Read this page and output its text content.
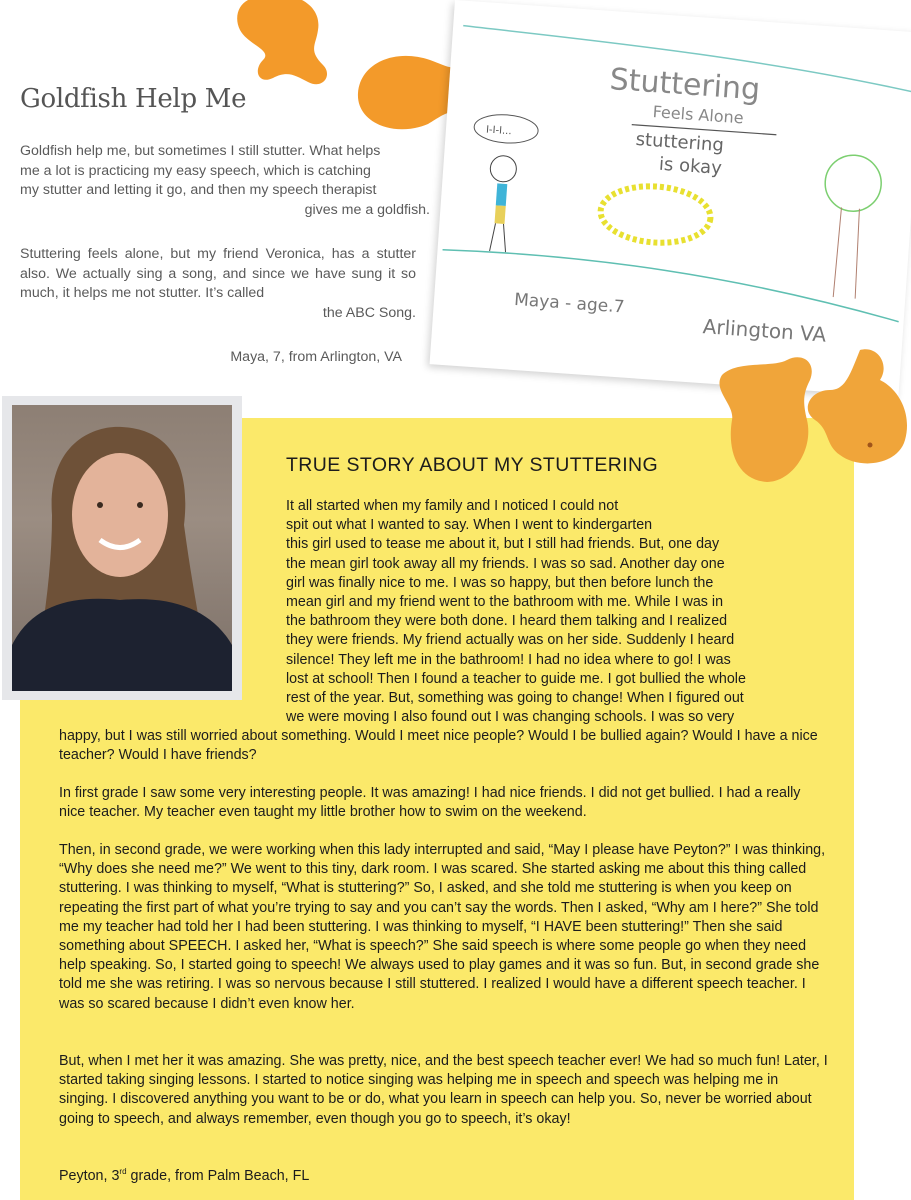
Stuttering
Feels Alone
stuttering
is okay
I-I-I...
Maya - age.7
Arlington VA
Goldfish Help Me

Goldfish help me, but sometimes I still stutter. What helps
me a lot is practicing my easy speech, which is catching
my stutter and letting it go, and then my speech therapist
gives me a goldfish.

Stuttering feels alone, but my friend Veronica, has a stutter also. We actually sing a song, and since we have sung it so much, it helps me not stutter. It’s called
the ABC Song.

Maya, 7, from Arlington, VA
TRUE STORY ABOUT MY STUTTERING

It all started when my family and I noticed I could not
spit out what I wanted to say. When I went to kindergarten
this girl used to tease me about it, but I still had friends. But, one day
the mean girl took away all my friends. I was so sad. Another day one
girl was finally nice to me. I was so happy, but then before lunch the
mean girl and my friend went to the bathroom with me. While I was in
the bathroom they were both done. I heard them talking and I realized
they were friends. My friend actually was on her side. Suddenly I heard
silence! They left me in the bathroom! I had no idea where to go! I was
lost at school! Then I found a teacher to guide me. I got bullied the whole
rest of the year. But, something was going to change! When I figured out

we were moving I also found out I was changing schools. I was so very

happy, but I was still worried about something. Would I meet nice people? Would I be bullied again? Would I have a nice teacher? Would I have friends?

In first grade I saw some very interesting people. It was amazing! I had nice friends. I did not get bullied. I had a really nice teacher. My teacher even taught my little brother how to swim on the weekend.

Then, in second grade, we were working when this lady interrupted and said, “May I please have Peyton?” I was thinking, “Why does she need me?” We went to this tiny, dark room. I was scared. She started asking me about this thing called stuttering. I was thinking to myself, “What is stuttering?” So, I asked, and she told me stuttering is when you keep on repeating the first part of what you’re trying to say and you can’t say the words. Then I asked, “Why am I here?” She told me my teacher had told her I had been stuttering. I was thinking to myself, “I HAVE been stuttering!” Then she said something about SPEECH. I asked her, “What is speech?” She said speech is where some people go when they need help speaking. So, I started going to speech! We always used to play games and it was so fun. But, in second grade she told me she was retiring. I was so nervous because I still stuttered. I realized I would have a different speech teacher. I was so scared because I didn’t even know her.

But, when I met her it was amazing. She was pretty, nice, and the best speech teacher ever! We had so much fun! Later, I started taking singing lessons. I started to notice singing was helping me in speech and speech was helping me in singing. I discovered anything you want to be or do, what you learn in speech can help you. So, never be worried about going to speech, and always remember, even though you go to speech, it’s okay!

Peyton, 3rd grade, from Palm Beach, FL
